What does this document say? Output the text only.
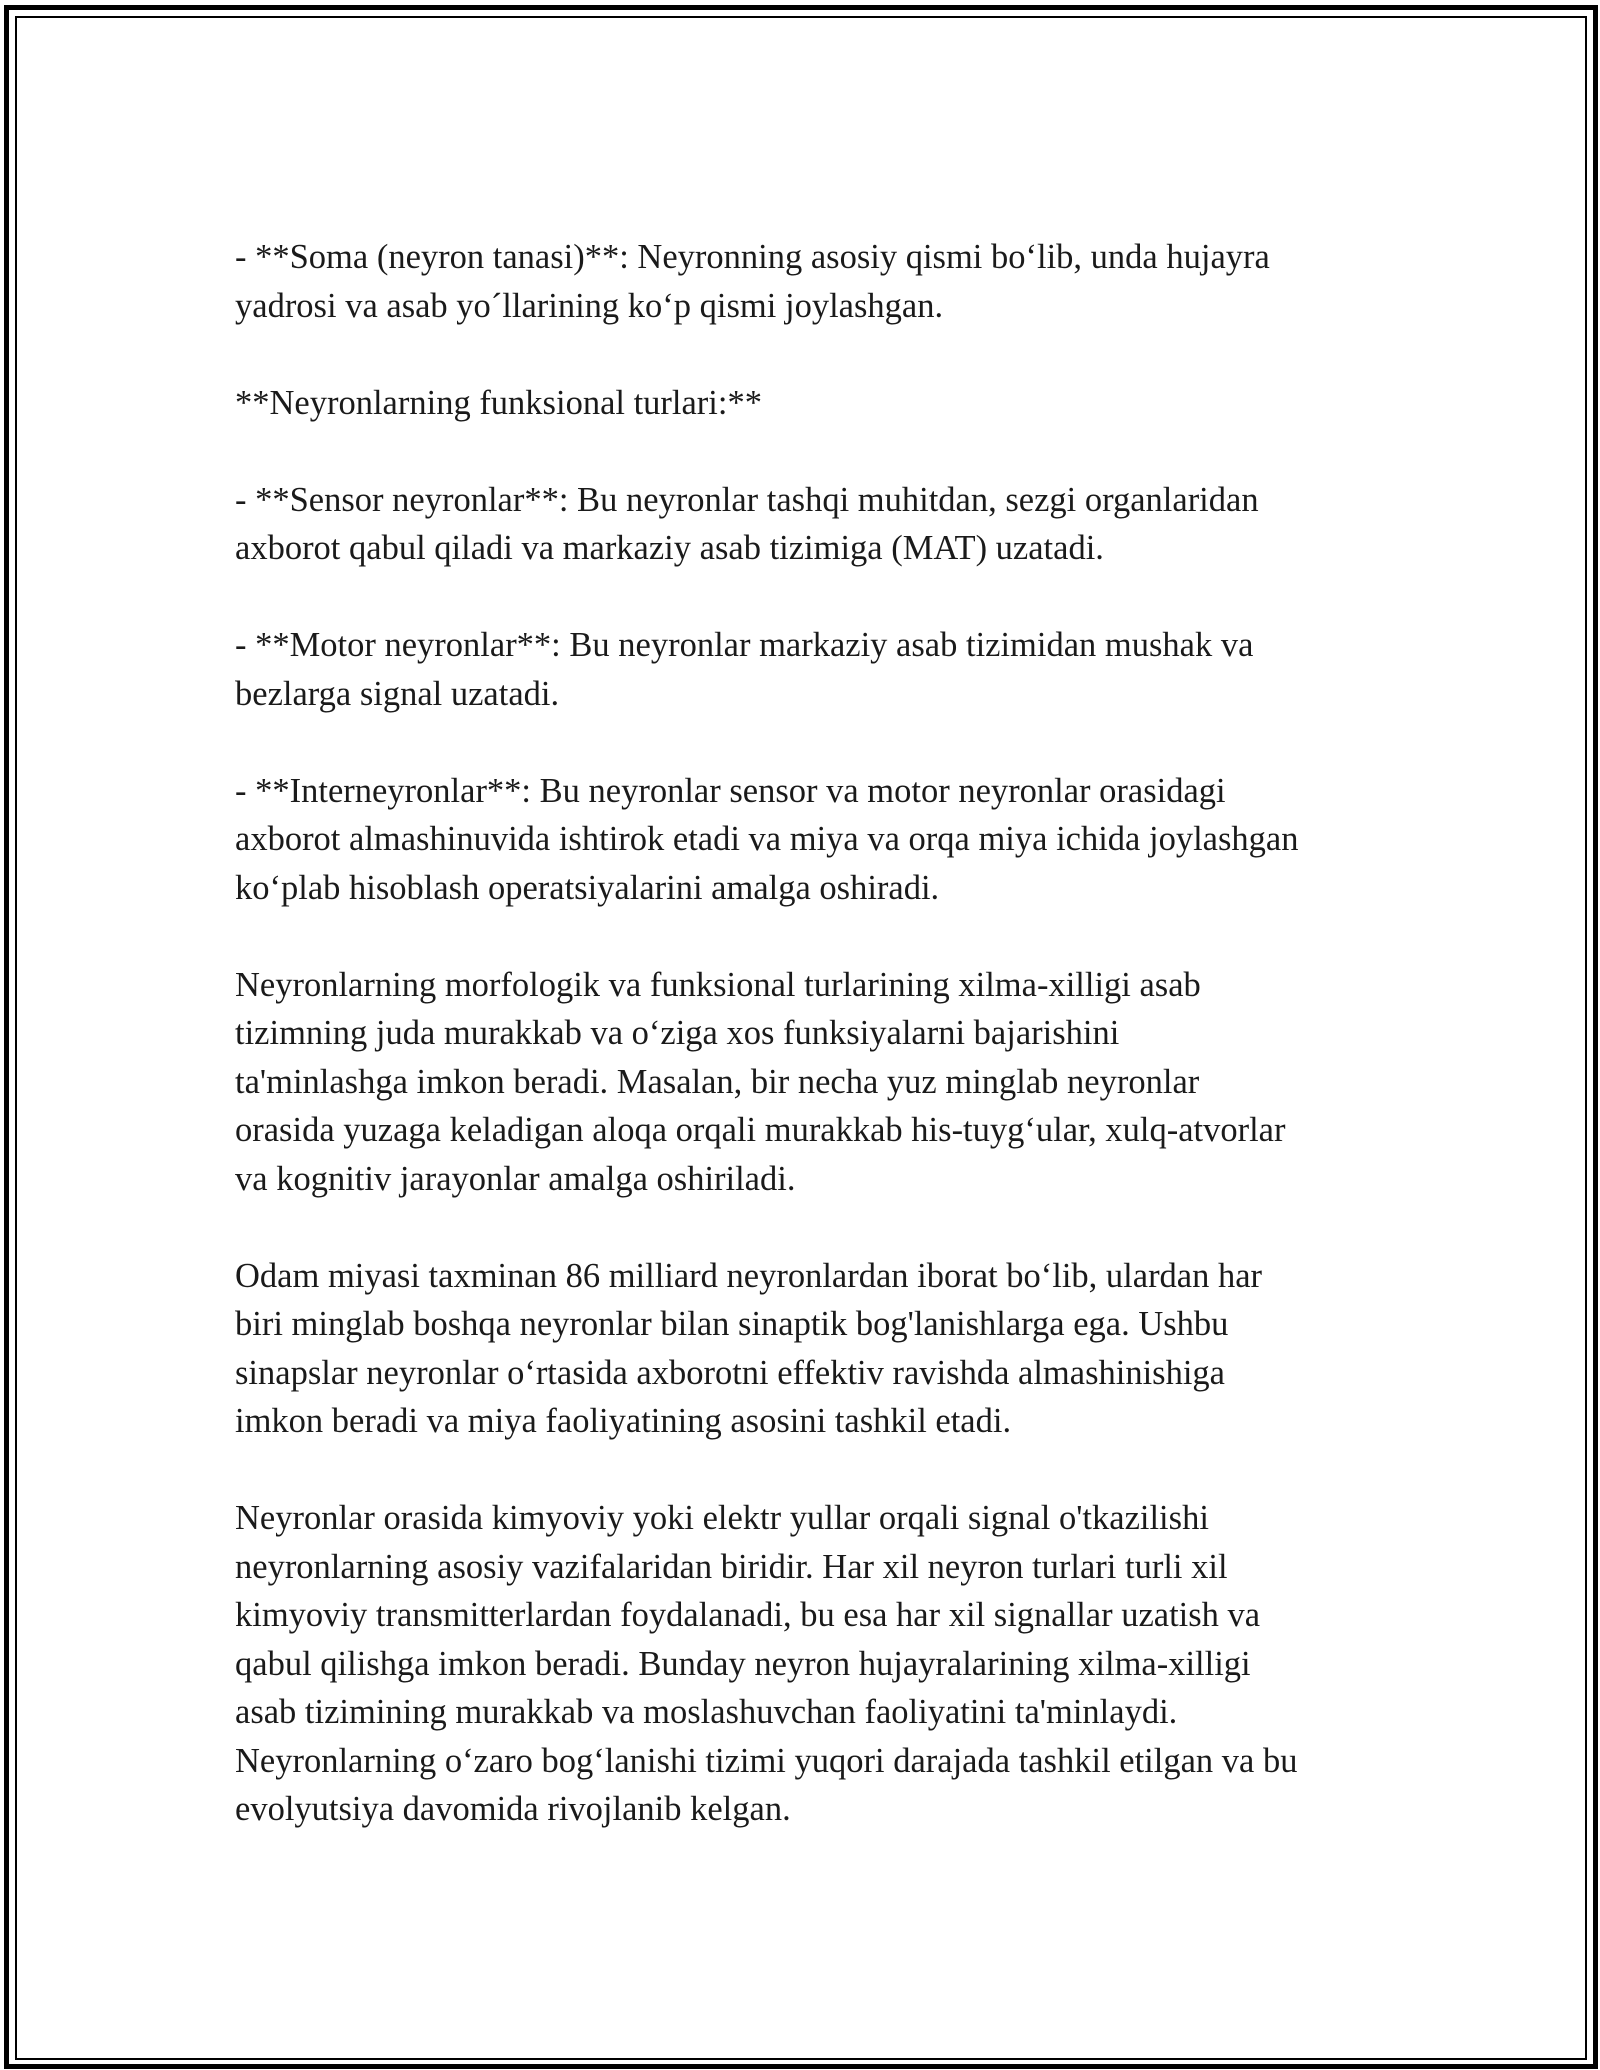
- **Soma (neyron tanasi)**: Neyronning asosiy qismi bo‘lib, unda hujayra
yadrosi va asab yo´llarining ko‘p qismi joylashgan.

**Neyronlarning funksional turlari:**

- **Sensor neyronlar**: Bu neyronlar tashqi muhitdan, sezgi organlaridan
axborot qabul qiladi va markaziy asab tizimiga (MAT) uzatadi.

- **Motor neyronlar**: Bu neyronlar markaziy asab tizimidan mushak va
bezlarga signal uzatadi.

- **Interneyronlar**: Bu neyronlar sensor va motor neyronlar orasidagi
axborot almashinuvida ishtirok etadi va miya va orqa miya ichida joylashgan
ko‘plab hisoblash operatsiyalarini amalga oshiradi.

Neyronlarning morfologik va funksional turlarining xilma-xilligi asab
tizimning juda murakkab va o‘ziga xos funksiyalarni bajarishini
ta'minlashga imkon beradi. Masalan, bir necha yuz minglab neyronlar
orasida yuzaga keladigan aloqa orqali murakkab his-tuyg‘ular, xulq-atvorlar
va kognitiv jarayonlar amalga oshiriladi.

Odam miyasi taxminan 86 milliard neyronlardan iborat bo‘lib, ulardan har
biri minglab boshqa neyronlar bilan sinaptik bog'lanishlarga ega. Ushbu
sinapslar neyronlar o‘rtasida axborotni effektiv ravishda almashinishiga
imkon beradi va miya faoliyatining asosini tashkil etadi.

Neyronlar orasida kimyoviy yoki elektr yullar orqali signal o'tkazilishi
neyronlarning asosiy vazifalaridan biridir. Har xil neyron turlari turli xil
kimyoviy transmitterlardan foydalanadi, bu esa har xil signallar uzatish va
qabul qilishga imkon beradi. Bunday neyron hujayralarining xilma-xilligi
asab tizimining murakkab va moslashuvchan faoliyatini ta'minlaydi.
Neyronlarning o‘zaro bog‘lanishi tizimi yuqori darajada tashkil etilgan va bu
evolyutsiya davomida rivojlanib kelgan.
